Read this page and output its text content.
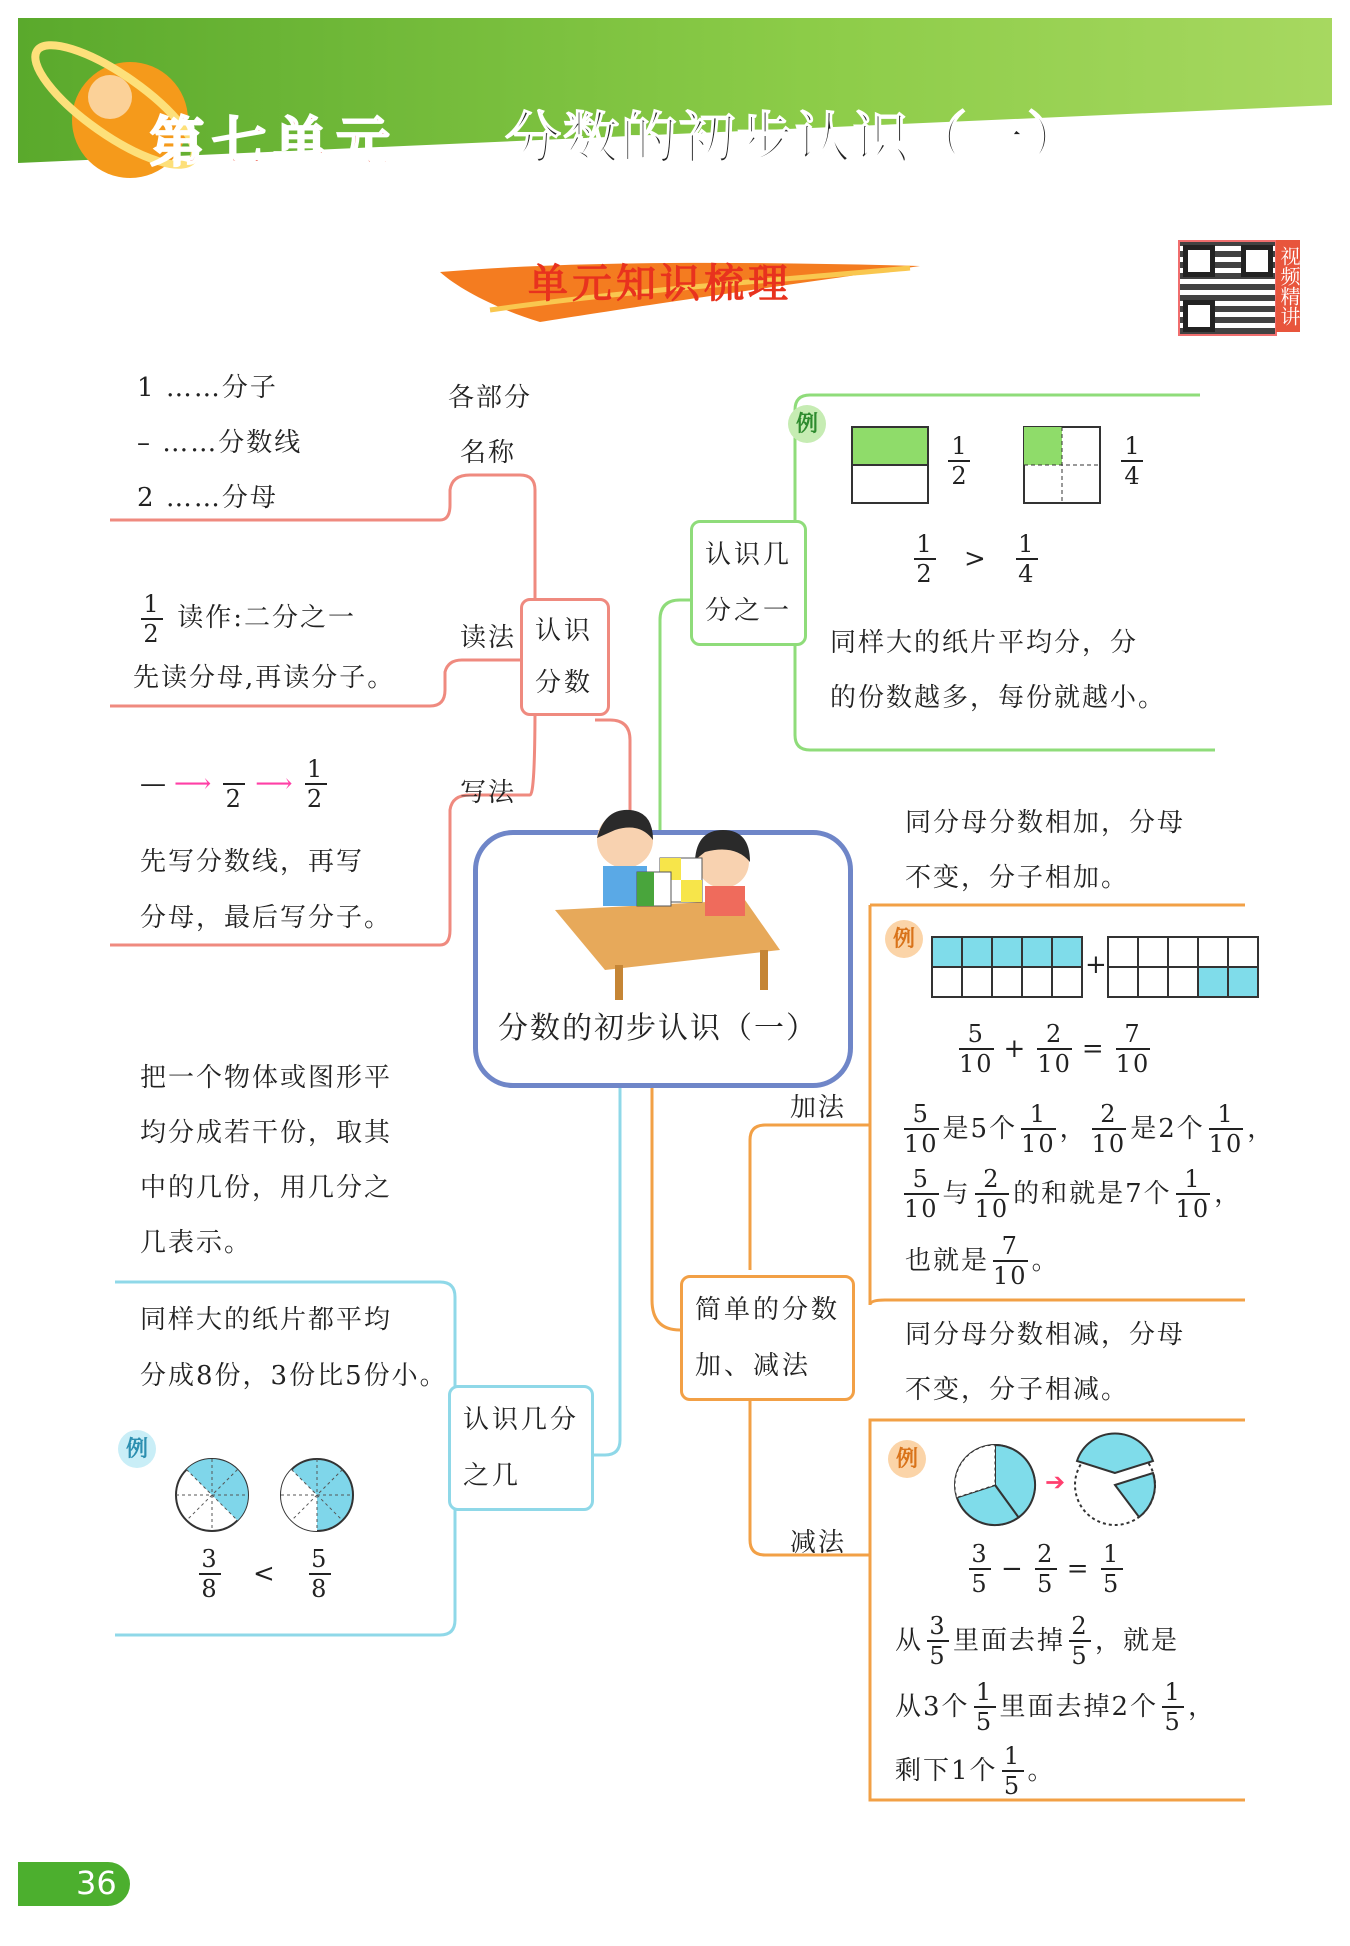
第七单元 分数的初步认识（一）
单元知识梳理	视频精讲
分数的初步认识（一）
认识分数
各部分
名称
1 ……分子
– ……分数线
2 ……分母
读法
$\frac{1}{2}$ 读作:二分之一
先读分母,再读分子。
写法
— ⟶
2 ⟶ $\frac{1}{2}$
先写分数线，再写
分母，最后写分子。
认识几
分之一
例
1
2
1
4
$\frac{1}{2} > \frac{1}{4}$
同样大的纸片平均分，分
的份数越多，每份就越小。
把一个物体或图形平
均分成若干份，取其
中的几份，用几分之
几表示。
同样大的纸片都平均
分成8份，3份比5份小。
认识几分
之几
例
$\frac{3}{8} < \frac{5}{8}$
简单的分数
加、减法
加法
同分母分数相加，分母
不变，分子相加。
例
+
$\frac{5}{10} + \frac{2}{10} = \frac{7}{10}$
$\frac{5}{10}$ 是5个 $\frac{1}{10}$ ， $\frac{2}{10}$ 是2个 $\frac{1}{10}$ ，
$\frac{5}{10}$ 与 $\frac{2}{10}$ 的和就是7个 $\frac{1}{10}$ ，
也就是 $\frac{7}{10}$ 。
减法
同分母分数相减，分母
不变，分子相减。
例
➔
$\frac{3}{5} - \frac{2}{5} = \frac{1}{5}$
从 $\frac{3}{5}$ 里面去掉 $\frac{2}{5}$ ，就是
从3个 $\frac{1}{5}$ 里面去掉2个 $\frac{1}{5}$ ，
剩下1个 $\frac{1}{5}$ 。
36
